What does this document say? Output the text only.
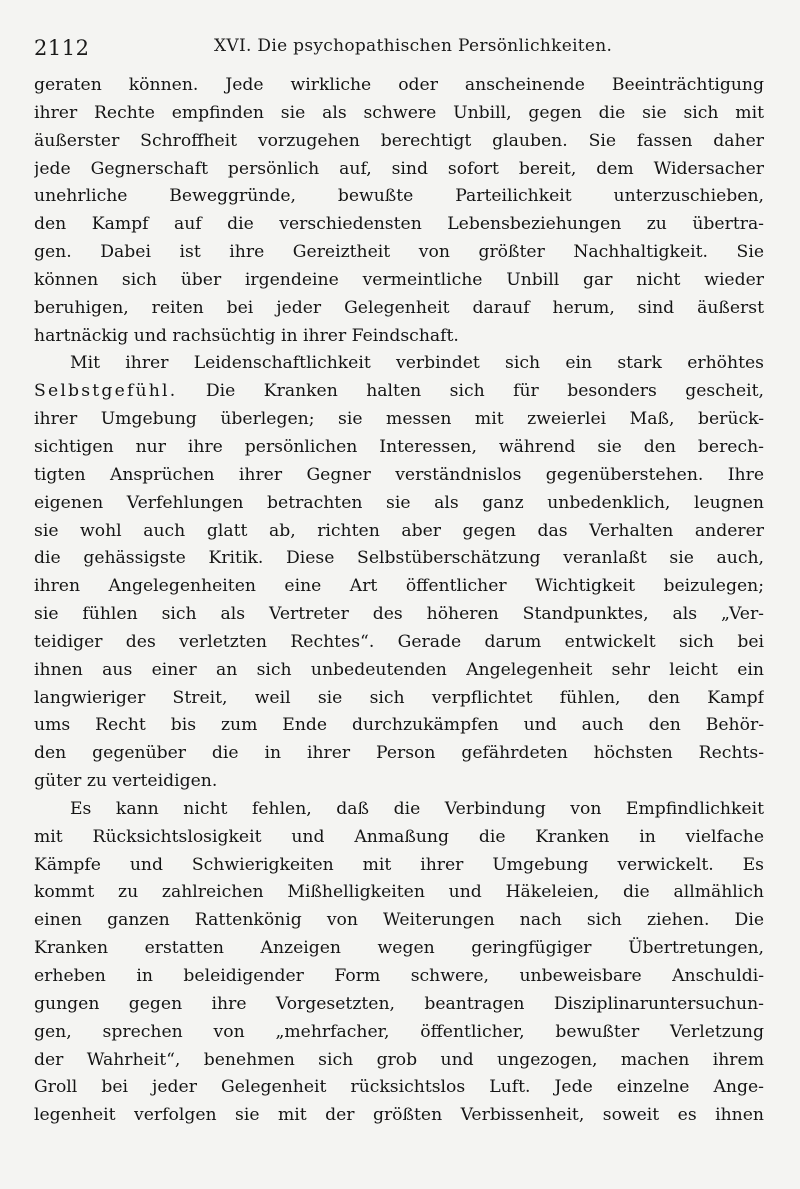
2112	XVI. Die psychopathischen Persönlichkeiten.
geraten können. Jede wirkliche oder anscheinende Beeinträchtigung
ihrer Rechte empfinden sie als schwere Unbill, gegen die sie sich mit
äußerster Schroffheit vorzugehen berechtigt glauben. Sie fassen daher
jede Gegnerschaft persönlich auf, sind sofort bereit, dem Widersacher
unehrliche Beweggründe, bewußte Parteilichkeit unterzuschieben,
den Kampf auf die verschiedensten Lebensbeziehungen zu übertra-
gen. Dabei ist ihre Gereiztheit von größter Nachhaltigkeit. Sie
können sich über irgendeine vermeintliche Unbill gar nicht wieder
beruhigen, reiten bei jeder Gelegenheit darauf herum, sind äußerst
hartnäckig und rachsüchtig in ihrer Feindschaft.
Mit ihrer Leidenschaftlichkeit verbindet sich ein stark erhöhtes
Selbstgefühl. Die Kranken halten sich für besonders gescheit,
ihrer Umgebung überlegen; sie messen mit zweierlei Maß, berück-
sichtigen nur ihre persönlichen Interessen, während sie den berech-
tigten Ansprüchen ihrer Gegner verständnislos gegenüberstehen. Ihre
eigenen Verfehlungen betrachten sie als ganz unbedenklich, leugnen
sie wohl auch glatt ab, richten aber gegen das Verhalten anderer
die gehässigste Kritik. Diese Selbstüberschätzung veranlaßt sie auch,
ihren Angelegenheiten eine Art öffentlicher Wichtigkeit beizulegen;
sie fühlen sich als Vertreter des höheren Standpunktes, als „Ver-
teidiger des verletzten Rechtes“. Gerade darum entwickelt sich bei
ihnen aus einer an sich unbedeutenden Angelegenheit sehr leicht ein
langwieriger Streit, weil sie sich verpflichtet fühlen, den Kampf
ums Recht bis zum Ende durchzukämpfen und auch den Behör-
den gegenüber die in ihrer Person gefährdeten höchsten Rechts-
güter zu verteidigen.
Es kann nicht fehlen, daß die Verbindung von Empfindlichkeit
mit Rücksichtslosigkeit und Anmaßung die Kranken in vielfache
Kämpfe und Schwierigkeiten mit ihrer Umgebung verwickelt. Es
kommt zu zahlreichen Mißhelligkeiten und Häkeleien, die allmählich
einen ganzen Rattenkönig von Weiterungen nach sich ziehen. Die
Kranken erstatten Anzeigen wegen geringfügiger Übertretungen,
erheben in beleidigender Form schwere, unbeweisbare Anschuldi-
gungen gegen ihre Vorgesetzten, beantragen Disziplinaruntersuchun-
gen, sprechen von „mehrfacher, öffentlicher, bewußter Verletzung
der Wahrheit“, benehmen sich grob und ungezogen, machen ihrem
Groll bei jeder Gelegenheit rücksichtslos Luft. Jede einzelne Ange-
legenheit verfolgen sie mit der größten Verbissenheit, soweit es ihnen
